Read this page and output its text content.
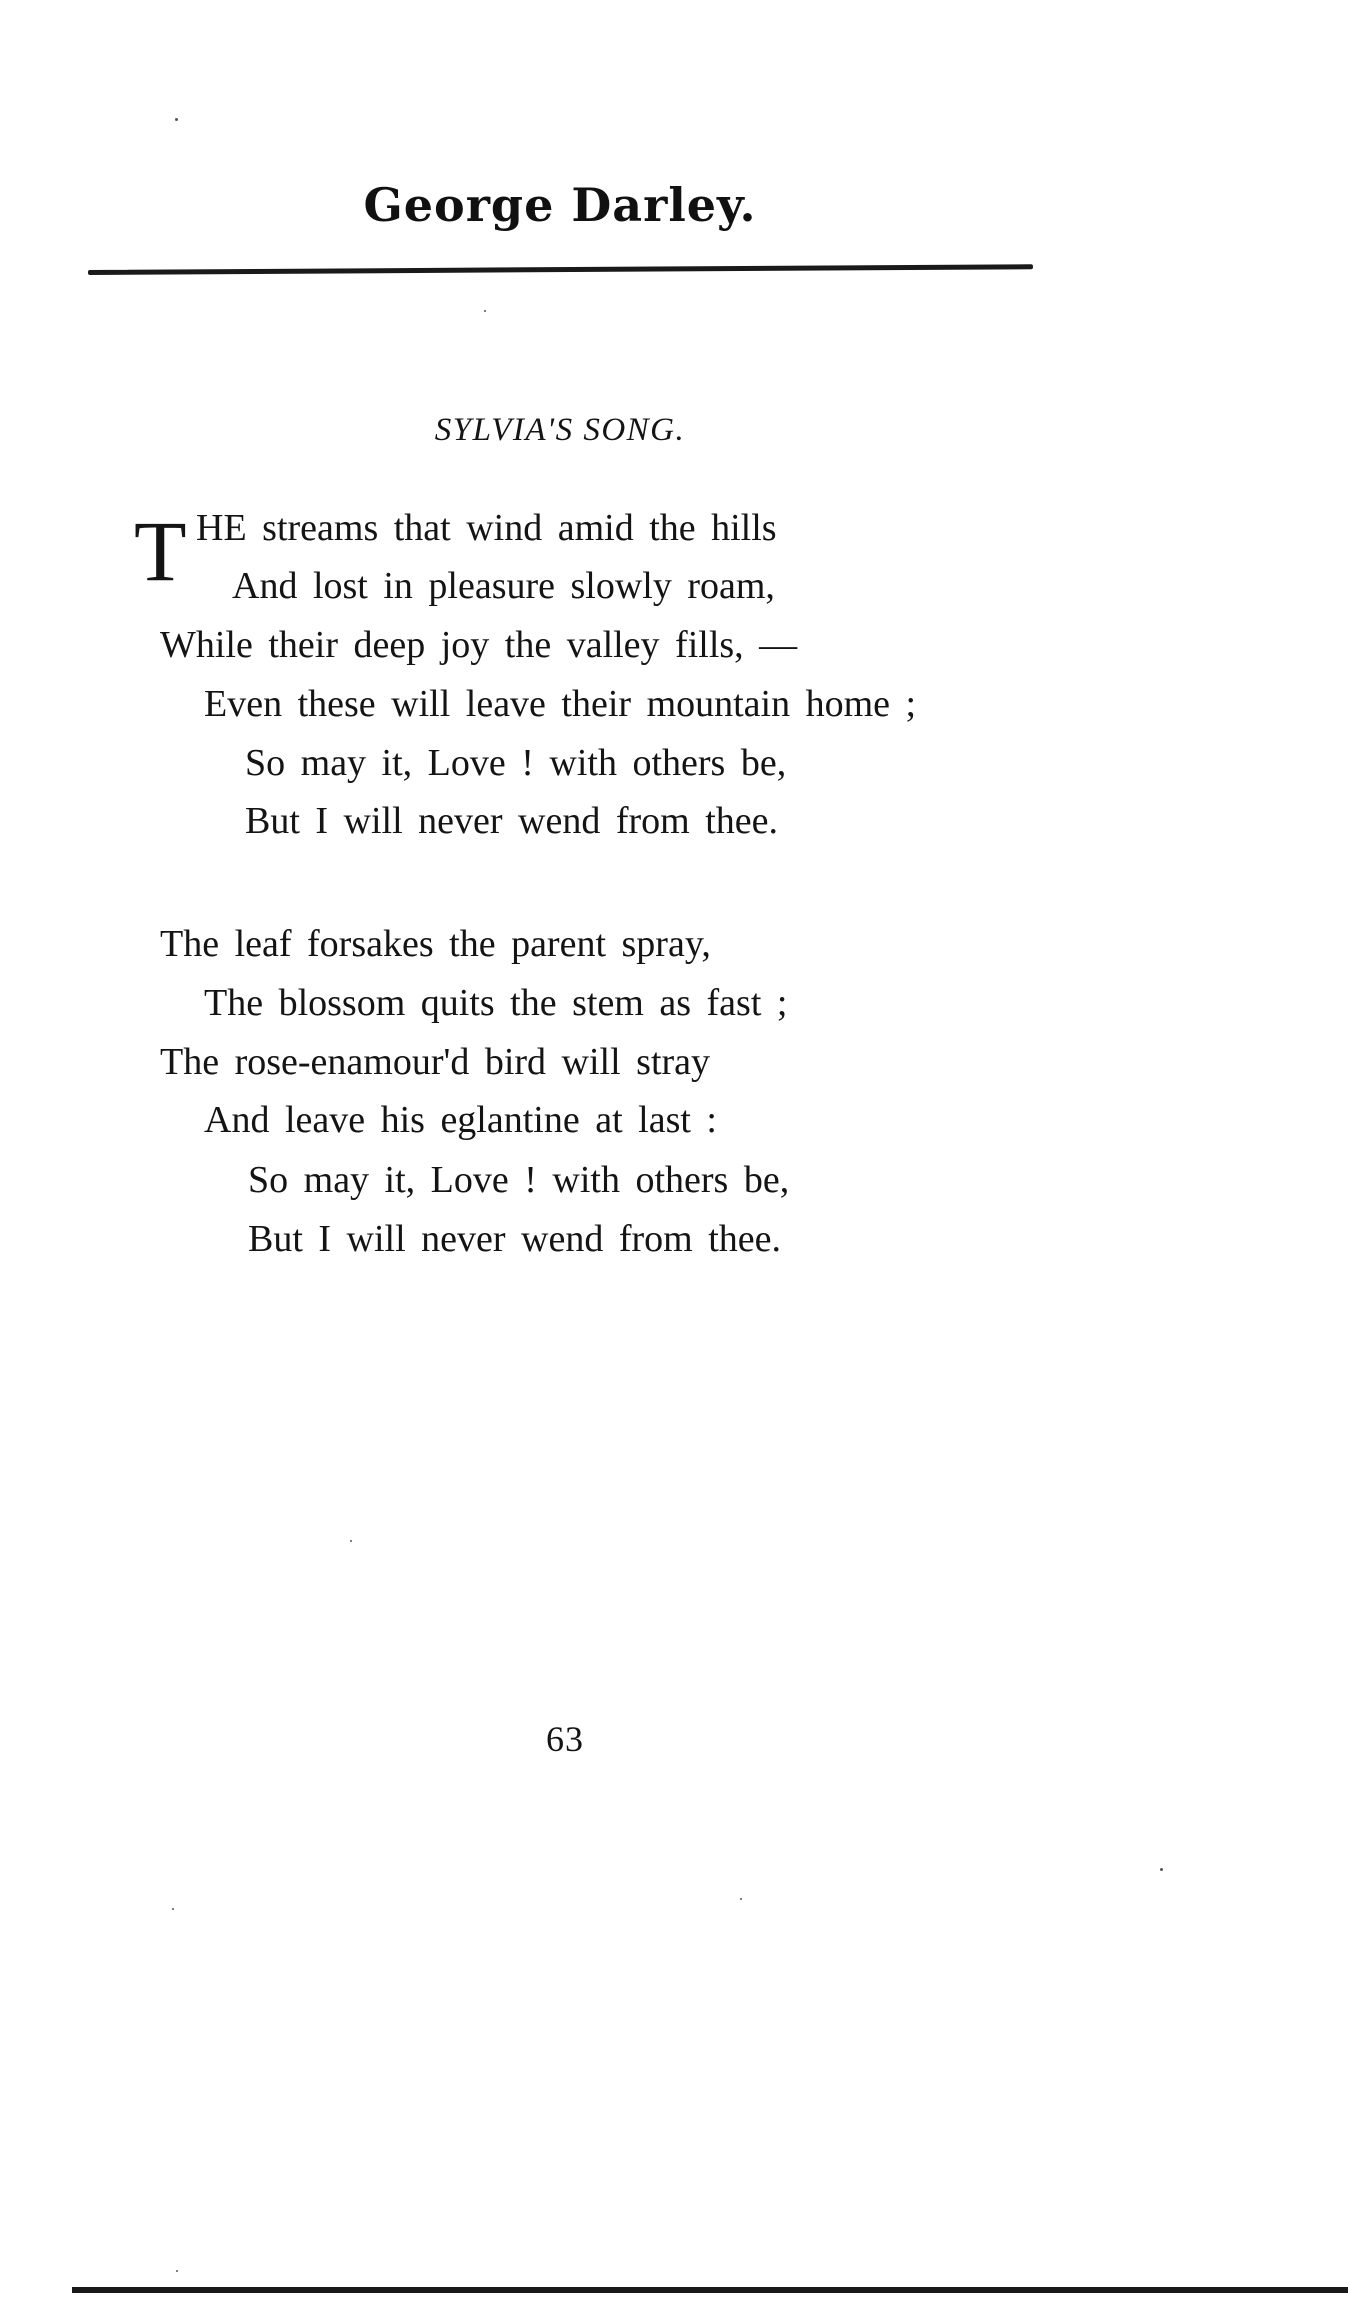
George Darley.
SYLVIA'S SONG.
T HE streams that wind amid the hills
And lost in pleasure slowly roam,
While their deep joy the valley fills, —
Even these will leave their mountain home ;
So may it, Love ! with others be,
But I will never wend from thee.
The leaf forsakes the parent spray,
The blossom quits the stem as fast ;
The rose-enamour'd bird will stray
And leave his eglantine at last :
So may it, Love ! with others be,
But I will never wend from thee.
63
